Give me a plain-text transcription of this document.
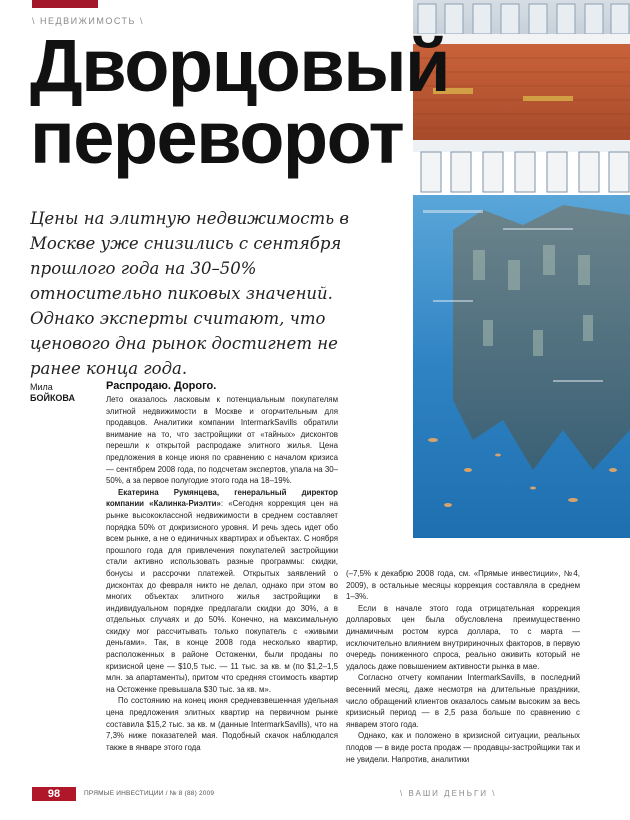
\ НЕДВИЖИМОСТЬ \
Дворцовый
переворот

Цены на элитную недвижимость в Москве уже снизились с сентября прошлого года на 30–50% относительно пиковых значений. Однако эксперты считают, что ценового дна рынок достигнет не ранее конца года.

Мила
БОЙКОВА

Распродаю. Дорого.

Лето оказалось ласковым к потенциальным покупателям элитной недвижимости в Москве и огорчительным для продавцов. Аналитики компании IntermarkSavills обратили внимание на то, что застройщики от «тайных» дисконтов перешли к открытой распродаже элитного жилья. Цена предложения в конце июня по сравнению с началом кризиса — сентябрем 2008 года, по подсчетам экспертов, упала на 30–50%, а за первое полугодие этого года на 18–19%.

Екатерина Румянцева, генеральный директор компании «Калинка-Риэлти»: «Сегодня коррекция цен на рынке высококлассной недвижимости в среднем составляет порядка 50% от докризисного уровня. И речь здесь идет обо всем рынке, а не о единичных квартирах и объектах. С ноября прошлого года для привлечения покупателей застройщики стали активно использовать разные программы: скидки, бонусы и рассрочки платежей. Открытых заявлений о дисконтах до февраля никто не делал, однако при этом во многих объектах элитного жилья застройщики в индивидуальном порядке предлагали скидки до 30%, а в отдельных случаях и до 50%. Конечно, на максимальную скидку мог рассчитывать только покупатель с «живыми деньгами». Так, в конце 2008 года несколько квартир, расположенных в районе Остоженки, были проданы по кризисной цене — $10,5 тыс. — 11 тыс. за кв. м (по $1,2–1,5 млн. за апартаменты), притом что средняя стоимость квартир на Остоженке превышала $30 тыс. за кв. м».

По состоянию на конец июня средневзвешенная удельная цена предложения элитных квартир на первичном рынке составила $15,2 тыс. за кв. м (данные IntermarkSavills), что на 7,3% ниже показателей мая. Подобный скачок наблюдался также в январе этого года

(–7,5% к декабрю 2008 года, см. «Прямые инвестиции», №4, 2009), в остальные месяцы коррекция составляла в среднем 1–3%.

Если в начале этого года отрицательная коррекция долларовых цен была обусловлена преимущественно динамичным ростом курса доллара, то с марта — исключительно влиянием внутририночных факторов, в первую очередь пониженного спроса, реально оживить который не удалось даже повышением активности рынка в мае.

Согласно отчету компании IntermarkSavills, в последний весенний месяц, даже несмотря на длительные праздники, число обращений клиентов оказалось самым высоким за весь кризисный период — в 2,5 раза больше по сравнению с январем этого года.

Однако, как и положено в кризисной ситуации, реальных плодов — в виде роста продаж — продавцы-застройщики так и не увидели. Напротив, аналитики

98	ПРЯМЫЕ ИНВЕСТИЦИИ / № 8 (88) 2009	\ ВАШИ ДЕНЬГИ \
